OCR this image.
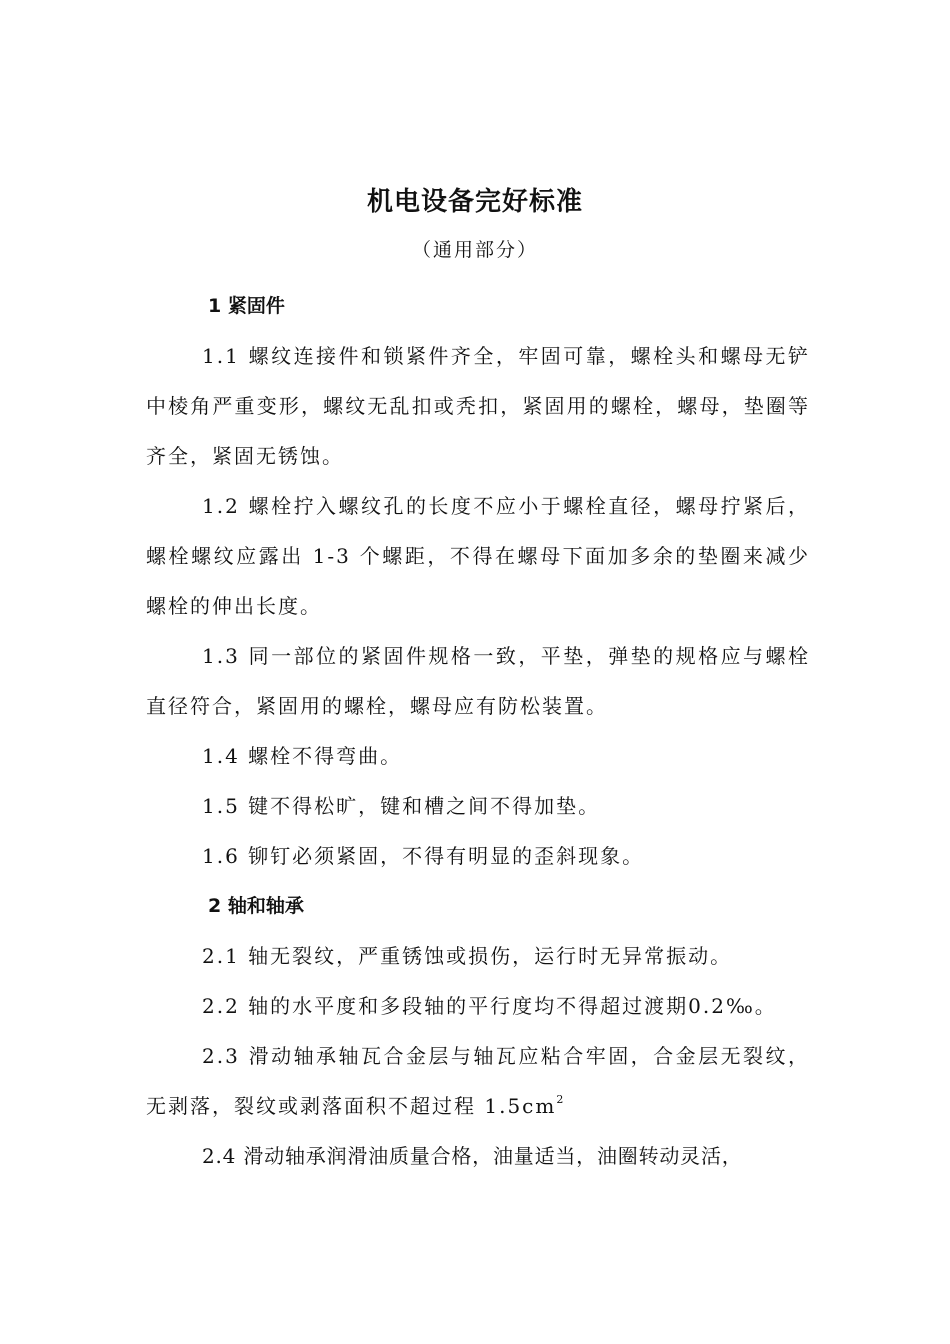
机电设备完好标准
（通用部分）

1 紧固件

1.1 螺纹连接件和锁紧件齐全，牢固可靠，螺栓头和螺母无铲中棱角严重变形，螺纹无乱扣或秃扣，紧固用的螺栓，螺母，垫圈等齐全，紧固无锈蚀。

1.2 螺栓拧入螺纹孔的长度不应小于螺栓直径，螺母拧紧后，螺栓螺纹应露出 1-3 个螺距，不得在螺母下面加多余的垫圈来减少螺栓的伸出长度。

1.3 同一部位的紧固件规格一致，平垫，弹垫的规格应与螺栓直径符合，紧固用的螺栓，螺母应有防松装置。

1.4 螺栓不得弯曲。

1.5 键不得松旷，键和槽之间不得加垫。

1.6 铆钉必须紧固，不得有明显的歪斜现象。

2 轴和轴承

2.1 轴无裂纹，严重锈蚀或损伤，运行时无异常振动。

2.2 轴的水平度和多段轴的平行度均不得超过渡期0.2‰。

2.3 滑动轴承轴瓦合金层与轴瓦应粘合牢固，合金层无裂纹，无剥落，裂纹或剥落面积不超过程 $1.5cm^2$

2.4 滑动轴承润滑油质量合格，油量适当，油圈转动灵活，
